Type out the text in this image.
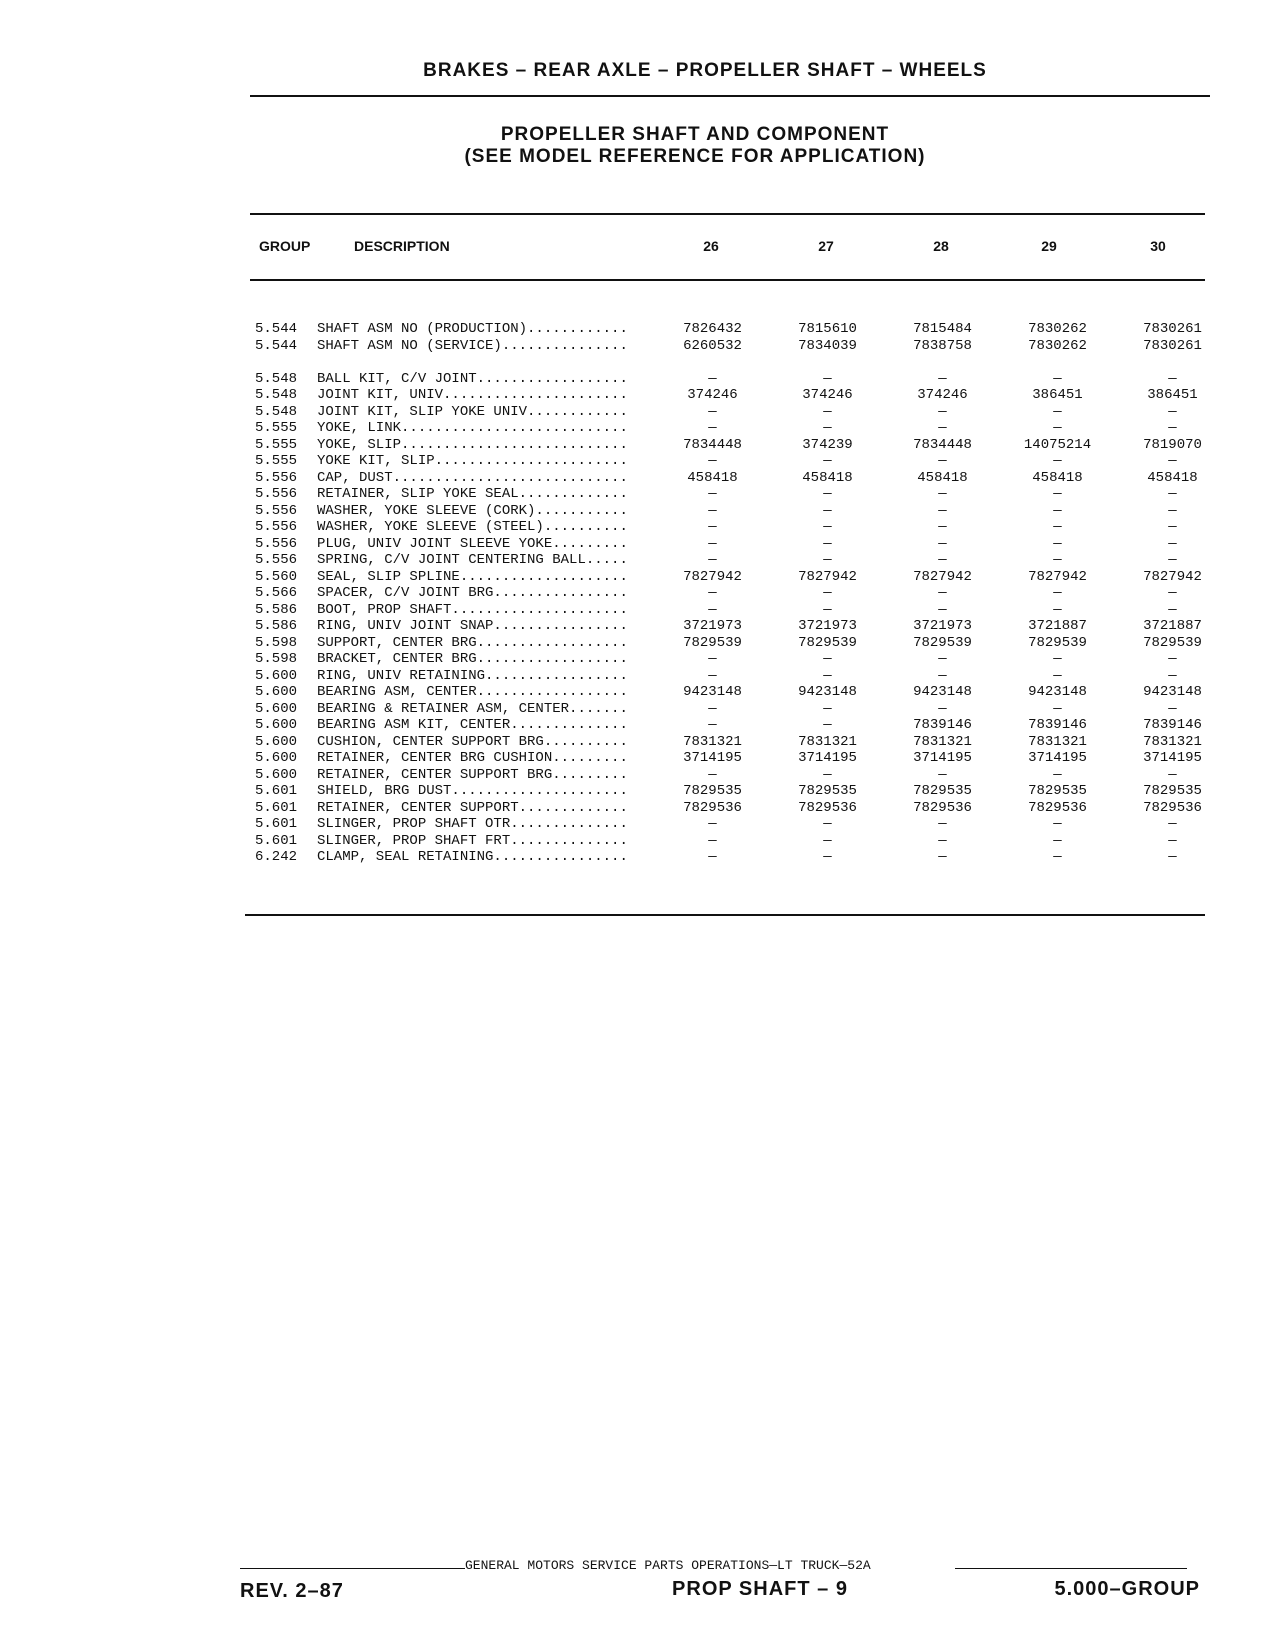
BRAKES – REAR AXLE – PROPELLER SHAFT – WHEELS
PROPELLER SHAFT AND COMPONENT
(SEE MODEL REFERENCE FOR APPLICATION)
GROUP	DESCRIPTION	26	27	28	29	30
5.544	SHAFT ASM NO (PRODUCTION)............	7826432	7815610	7815484	7830262	7830261
5.544	SHAFT ASM NO (SERVICE)...............	6260532	7834039	7838758	7830262	7830261

5.548	BALL KIT, C/V JOINT..................	—	—	—	—	—
5.548	JOINT KIT, UNIV......................	374246	374246	374246	386451	386451
5.548	JOINT KIT, SLIP YOKE UNIV............	—	—	—	—	—
5.555	YOKE, LINK...........................	—	—	—	—	—
5.555	YOKE, SLIP...........................	7834448	374239	7834448	14075214	7819070
5.555	YOKE KIT, SLIP.......................	—	—	—	—	—
5.556	CAP, DUST............................	458418	458418	458418	458418	458418
5.556	RETAINER, SLIP YOKE SEAL.............	—	—	—	—	—
5.556	WASHER, YOKE SLEEVE (CORK)...........	—	—	—	—	—
5.556	WASHER, YOKE SLEEVE (STEEL)..........	—	—	—	—	—
5.556	PLUG, UNIV JOINT SLEEVE YOKE.........	—	—	—	—	—
5.556	SPRING, C/V JOINT CENTERING BALL.....	—	—	—	—	—
5.560	SEAL, SLIP SPLINE....................	7827942	7827942	7827942	7827942	7827942
5.566	SPACER, C/V JOINT BRG................	—	—	—	—	—
5.586	BOOT, PROP SHAFT.....................	—	—	—	—	—
5.586	RING, UNIV JOINT SNAP................	3721973	3721973	3721973	3721887	3721887
5.598	SUPPORT, CENTER BRG..................	7829539	7829539	7829539	7829539	7829539
5.598	BRACKET, CENTER BRG..................	—	—	—	—	—
5.600	RING, UNIV RETAINING.................	—	—	—	—	—
5.600	BEARING ASM, CENTER..................	9423148	9423148	9423148	9423148	9423148
5.600	BEARING & RETAINER ASM, CENTER.......	—	—	—	—	—
5.600	BEARING ASM KIT, CENTER..............	—	—	7839146	7839146	7839146
5.600	CUSHION, CENTER SUPPORT BRG..........	7831321	7831321	7831321	7831321	7831321
5.600	RETAINER, CENTER BRG CUSHION.........	3714195	3714195	3714195	3714195	3714195
5.600	RETAINER, CENTER SUPPORT BRG.........	—	—	—	—	—
5.601	SHIELD, BRG DUST.....................	7829535	7829535	7829535	7829535	7829535
5.601	RETAINER, CENTER SUPPORT.............	7829536	7829536	7829536	7829536	7829536
5.601	SLINGER, PROP SHAFT OTR..............	—	—	—	—	—
5.601	SLINGER, PROP SHAFT FRT..............	—	—	—	—	—
6.242	CLAMP, SEAL RETAINING................	—	—	—	—	—
GENERAL MOTORS SERVICE PARTS OPERATIONS—LT TRUCK—52A
REV. 2–87	PROP SHAFT – 9	5.000–GROUP
